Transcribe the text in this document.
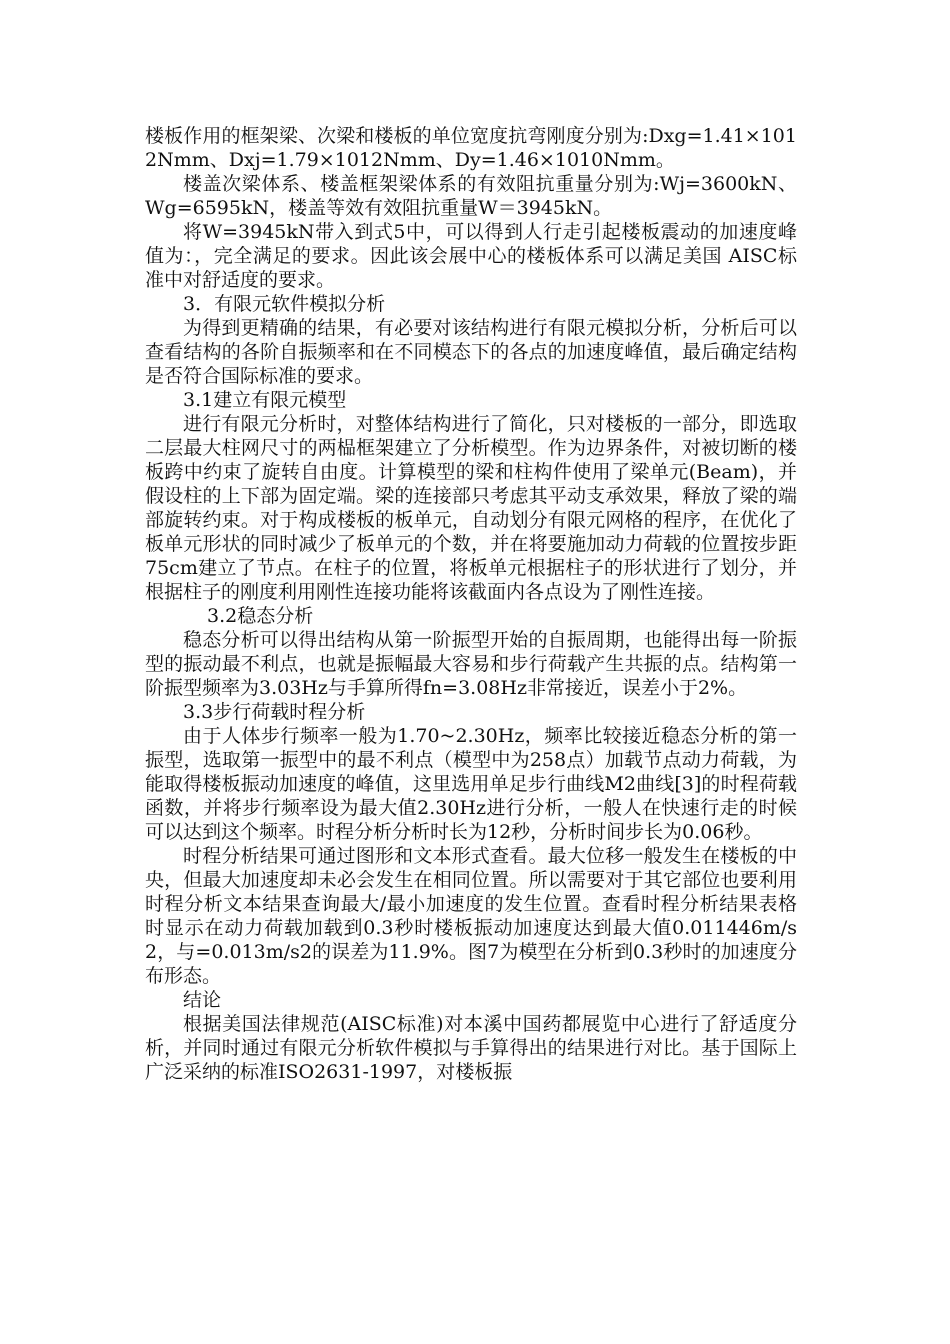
楼板作用的框架梁、次梁和楼板的单位宽度抗弯刚度分别为:Dxg=1.41×1012Nmm、Dxj=1.79×1012Nmm、Dy=1.46×1010Nmm。

楼盖次梁体系、楼盖框架梁体系的有效阻抗重量分别为:Wj=3600kN、Wg=6595kN，楼盖等效有效阻抗重量W＝3945kN。

将W=3945kN带入到式5中，可以得到人行走引起楼板震动的加速度峰值为：，完全满足的要求。因此该会展中心的楼板体系可以满足美国 AISC标准中对舒适度的要求。

3．有限元软件模拟分析

为得到更精确的结果，有必要对该结构进行有限元模拟分析，分析后可以查看结构的各阶自振频率和在不同模态下的各点的加速度峰值，最后确定结构是否符合国际标准的要求。

3.1建立有限元模型

进行有限元分析时，对整体结构进行了简化，只对楼板的一部分，即选取二层最大柱网尺寸的两榀框架建立了分析模型。作为边界条件，对被切断的楼板跨中约束了旋转自由度。计算模型的梁和柱构件使用了梁单元(Beam)，并假设柱的上下部为固定端。梁的连接部只考虑其平动支承效果，释放了梁的端部旋转约束。对于构成楼板的板单元，自动划分有限元网格的程序，在优化了板单元形状的同时减少了板单元的个数，并在将要施加动力荷载的位置按步距75cm建立了节点。在柱子的位置，将板单元根据柱子的形状进行了划分，并根据柱子的刚度利用刚性连接功能将该截面内各点设为了刚性连接。

3.2稳态分析

稳态分析可以得出结构从第一阶振型开始的自振周期，也能得出每一阶振型的振动最不利点，也就是振幅最大容易和步行荷载产生共振的点。结构第一阶振型频率为3.03Hz与手算所得fn=3.08Hz非常接近，误差小于2%。

3.3步行荷载时程分析

由于人体步行频率一般为1.70~2.30Hz，频率比较接近稳态分析的第一振型，选取第一振型中的最不利点（模型中为258点）加载节点动力荷载，为能取得楼板振动加速度的峰值，这里选用单足步行曲线M2曲线[3]的时程荷载函数，并将步行频率设为最大值2.30Hz进行分析，一般人在快速行走的时候可以达到这个频率。时程分析分析时长为12秒，分析时间步长为0.06秒。

时程分析结果可通过图形和文本形式查看。最大位移一般发生在楼板的中央，但最大加速度却未必会发生在相同位置。所以需要对于其它部位也要利用时程分析文本结果查询最大/最小加速度的发生位置。查看时程分析结果表格时显示在动力荷载加载到0.3秒时楼板振动加速度达到最大值0.011446m/s2，与=0.013m/s2的误差为11.9%。图7为模型在分析到0.3秒时的加速度分布形态。

结论

根据美国法律规范(AISC标准)对本溪中国药都展览中心进行了舒适度分析，并同时通过有限元分析软件模拟与手算得出的结果进行对比。基于国际上广泛采纳的标准ISO2631-1997，对楼板振
